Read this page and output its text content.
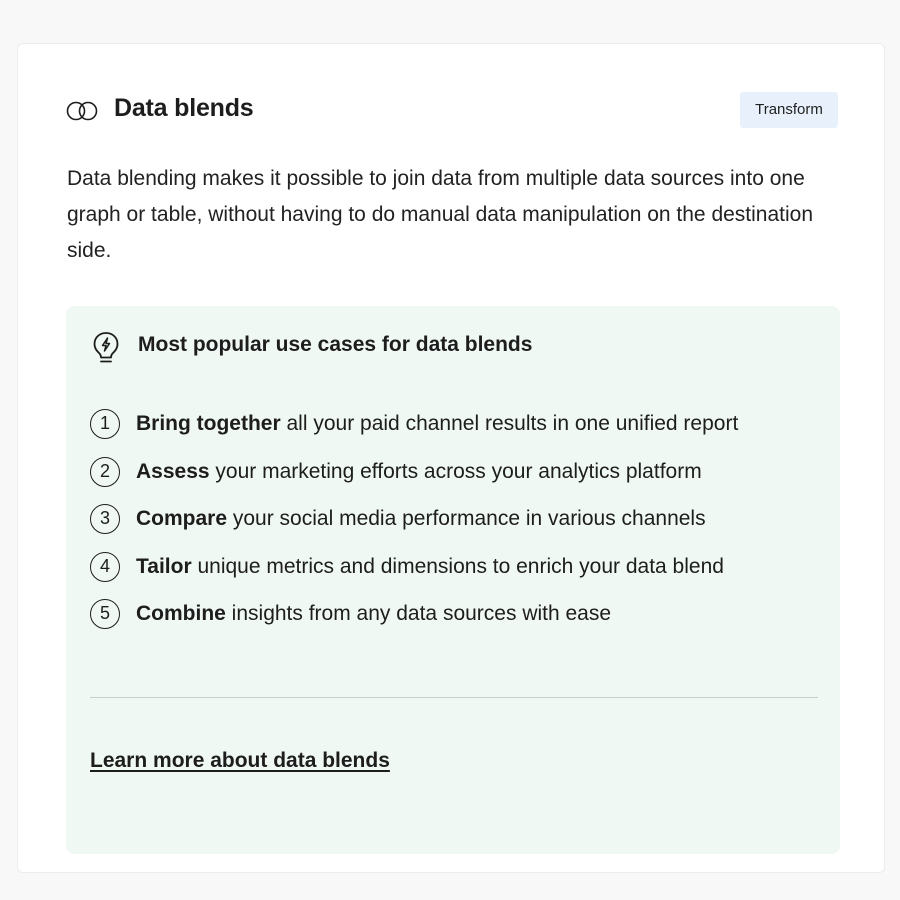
Data blends	Transform
Data blending makes it possible to join data from multiple data sources into one graph or table, without having to do manual data manipulation on the destination side.
Most popular use cases for data blends
1	Bring together all your paid channel results in one unified report
2	Assess your marketing efforts across your analytics platform
3	Compare your social media performance in various channels
4	Tailor unique metrics and dimensions to enrich your data blend
5	Combine insights from any data sources with ease
Learn more about data blends
